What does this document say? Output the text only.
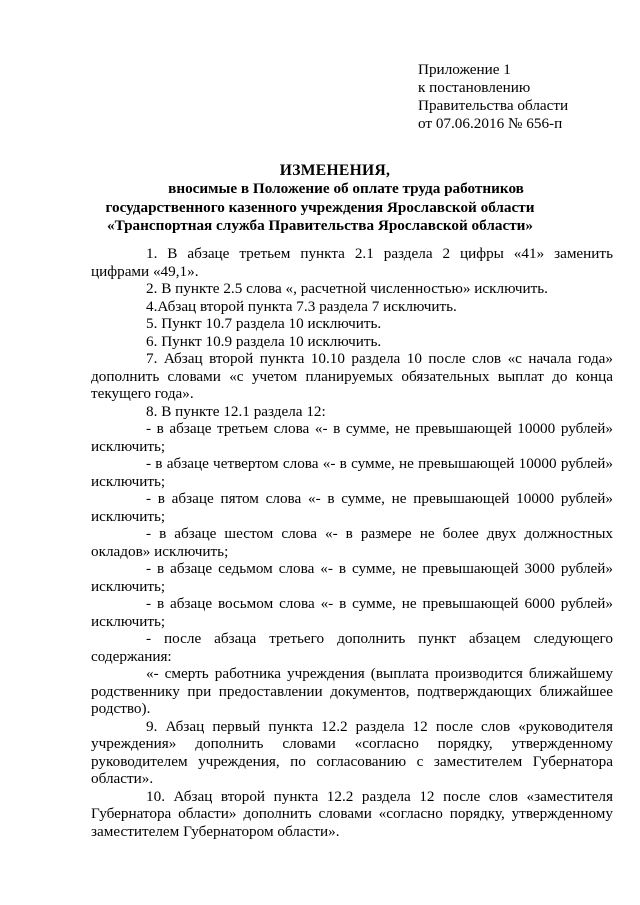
Приложение 1
к постановлению
Правительства области
от 07.06.2016 № 656-п
ИЗМЕНЕНИЯ,
вносимые в Положение об оплате труда работников
государственного казенного учреждения Ярославской области
«Транспортная служба Правительства Ярославской области»

1. В абзаце третьем пункта 2.1 раздела 2 цифры «41» заменить цифрами «49,1».

2. В пункте 2.5 слова «, расчетной численностью» исключить.

4.Абзац второй пункта 7.3 раздела 7 исключить.

5. Пункт 10.7 раздела 10 исключить.

6. Пункт 10.9 раздела 10 исключить.

7. Абзац второй пункта 10.10 раздела 10 после слов «с начала года» дополнить словами «с учетом планируемых обязательных выплат до конца текущего года».

8. В пункте 12.1 раздела 12:

- в абзаце третьем слова «- в сумме, не превышающей 10000 рублей» исключить;

- в абзаце четвертом слова «- в сумме, не превышающей 10000 рублей» исключить;

- в абзаце пятом слова «- в сумме, не превышающей 10000 рублей» исключить;

- в абзаце шестом слова «- в размере не более двух должностных окладов» исключить;

- в абзаце седьмом слова «- в сумме, не превышающей 3000 рублей» исключить;

- в абзаце восьмом слова «- в сумме, не превышающей 6000 рублей» исключить;

- после абзаца третьего дополнить пункт абзацем следующего содержания:

«- смерть работника учреждения (выплата производится ближайшему родственнику при предоставлении документов, подтверждающих ближайшее родство).

9. Абзац первый пункта 12.2 раздела 12 после слов «руководителя учреждения» дополнить словами «согласно порядку, утвержденному руководителем учреждения, по согласованию с заместителем Губернатора области».

10. Абзац второй пункта 12.2 раздела 12 после слов «заместителя Губернатора области» дополнить словами «согласно порядку, утвержденному заместителем Губернатором области».
